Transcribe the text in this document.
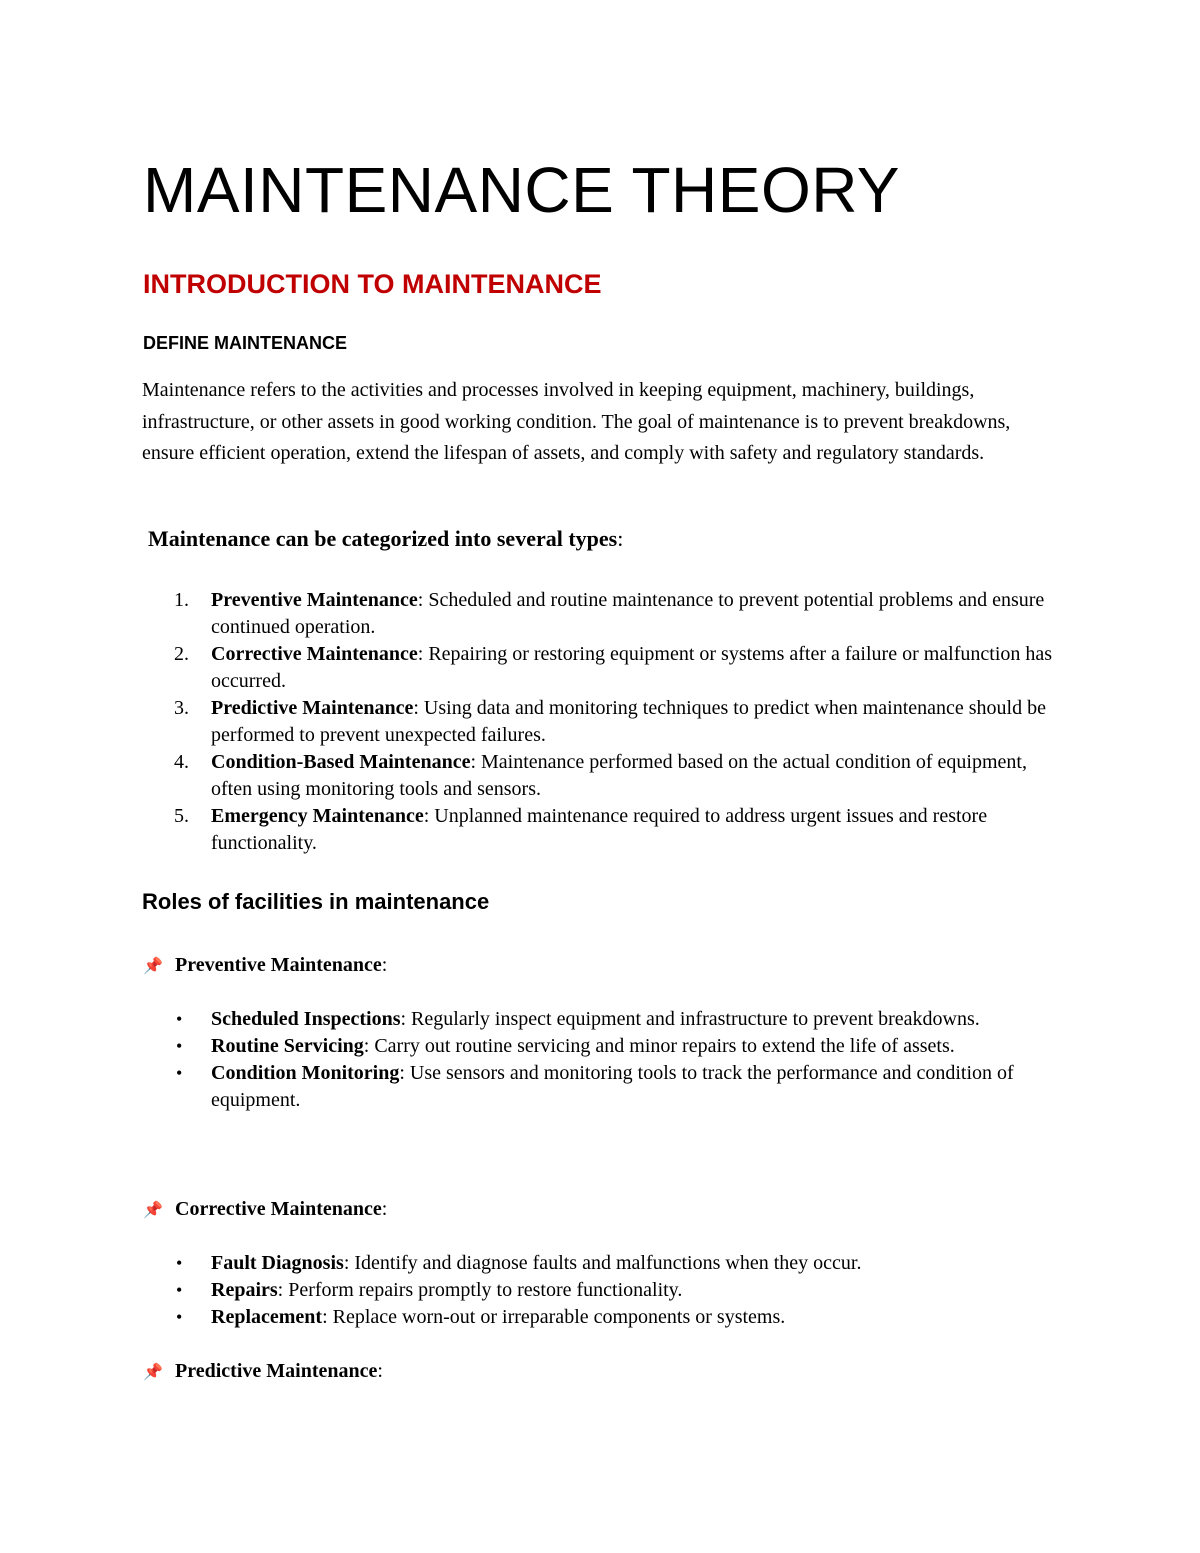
MAINTENANCE THEORY
INTRODUCTION TO MAINTENANCE
DEFINE MAINTENANCE

Maintenance refers to the activities and processes involved in keeping equipment, machinery, buildings, infrastructure, or other assets in good working condition. The goal of maintenance is to prevent breakdowns, ensure efficient operation, extend the lifespan of assets, and comply with safety and regulatory standards.

Maintenance can be categorized into several types:
1. Preventive Maintenance: Scheduled and routine maintenance to prevent potential problems and ensure continued operation.
2. Corrective Maintenance: Repairing or restoring equipment or systems after a failure or malfunction has occurred.
3. Predictive Maintenance: Using data and monitoring techniques to predict when maintenance should be performed to prevent unexpected failures.
4. Condition-Based Maintenance: Maintenance performed based on the actual condition of equipment, often using monitoring tools and sensors.
5. Emergency Maintenance: Unplanned maintenance required to address urgent issues and restore functionality.
Roles of facilities in maintenance

📌 Preventive Maintenance:

• Scheduled Inspections: Regularly inspect equipment and infrastructure to prevent breakdowns.
• Routine Servicing: Carry out routine servicing and minor repairs to extend the life of assets.
• Condition Monitoring: Use sensors and monitoring tools to track the performance and condition of equipment.

📌 Corrective Maintenance:

• Fault Diagnosis: Identify and diagnose faults and malfunctions when they occur.
• Repairs: Perform repairs promptly to restore functionality.
• Replacement: Replace worn-out or irreparable components or systems.

📌 Predictive Maintenance:
